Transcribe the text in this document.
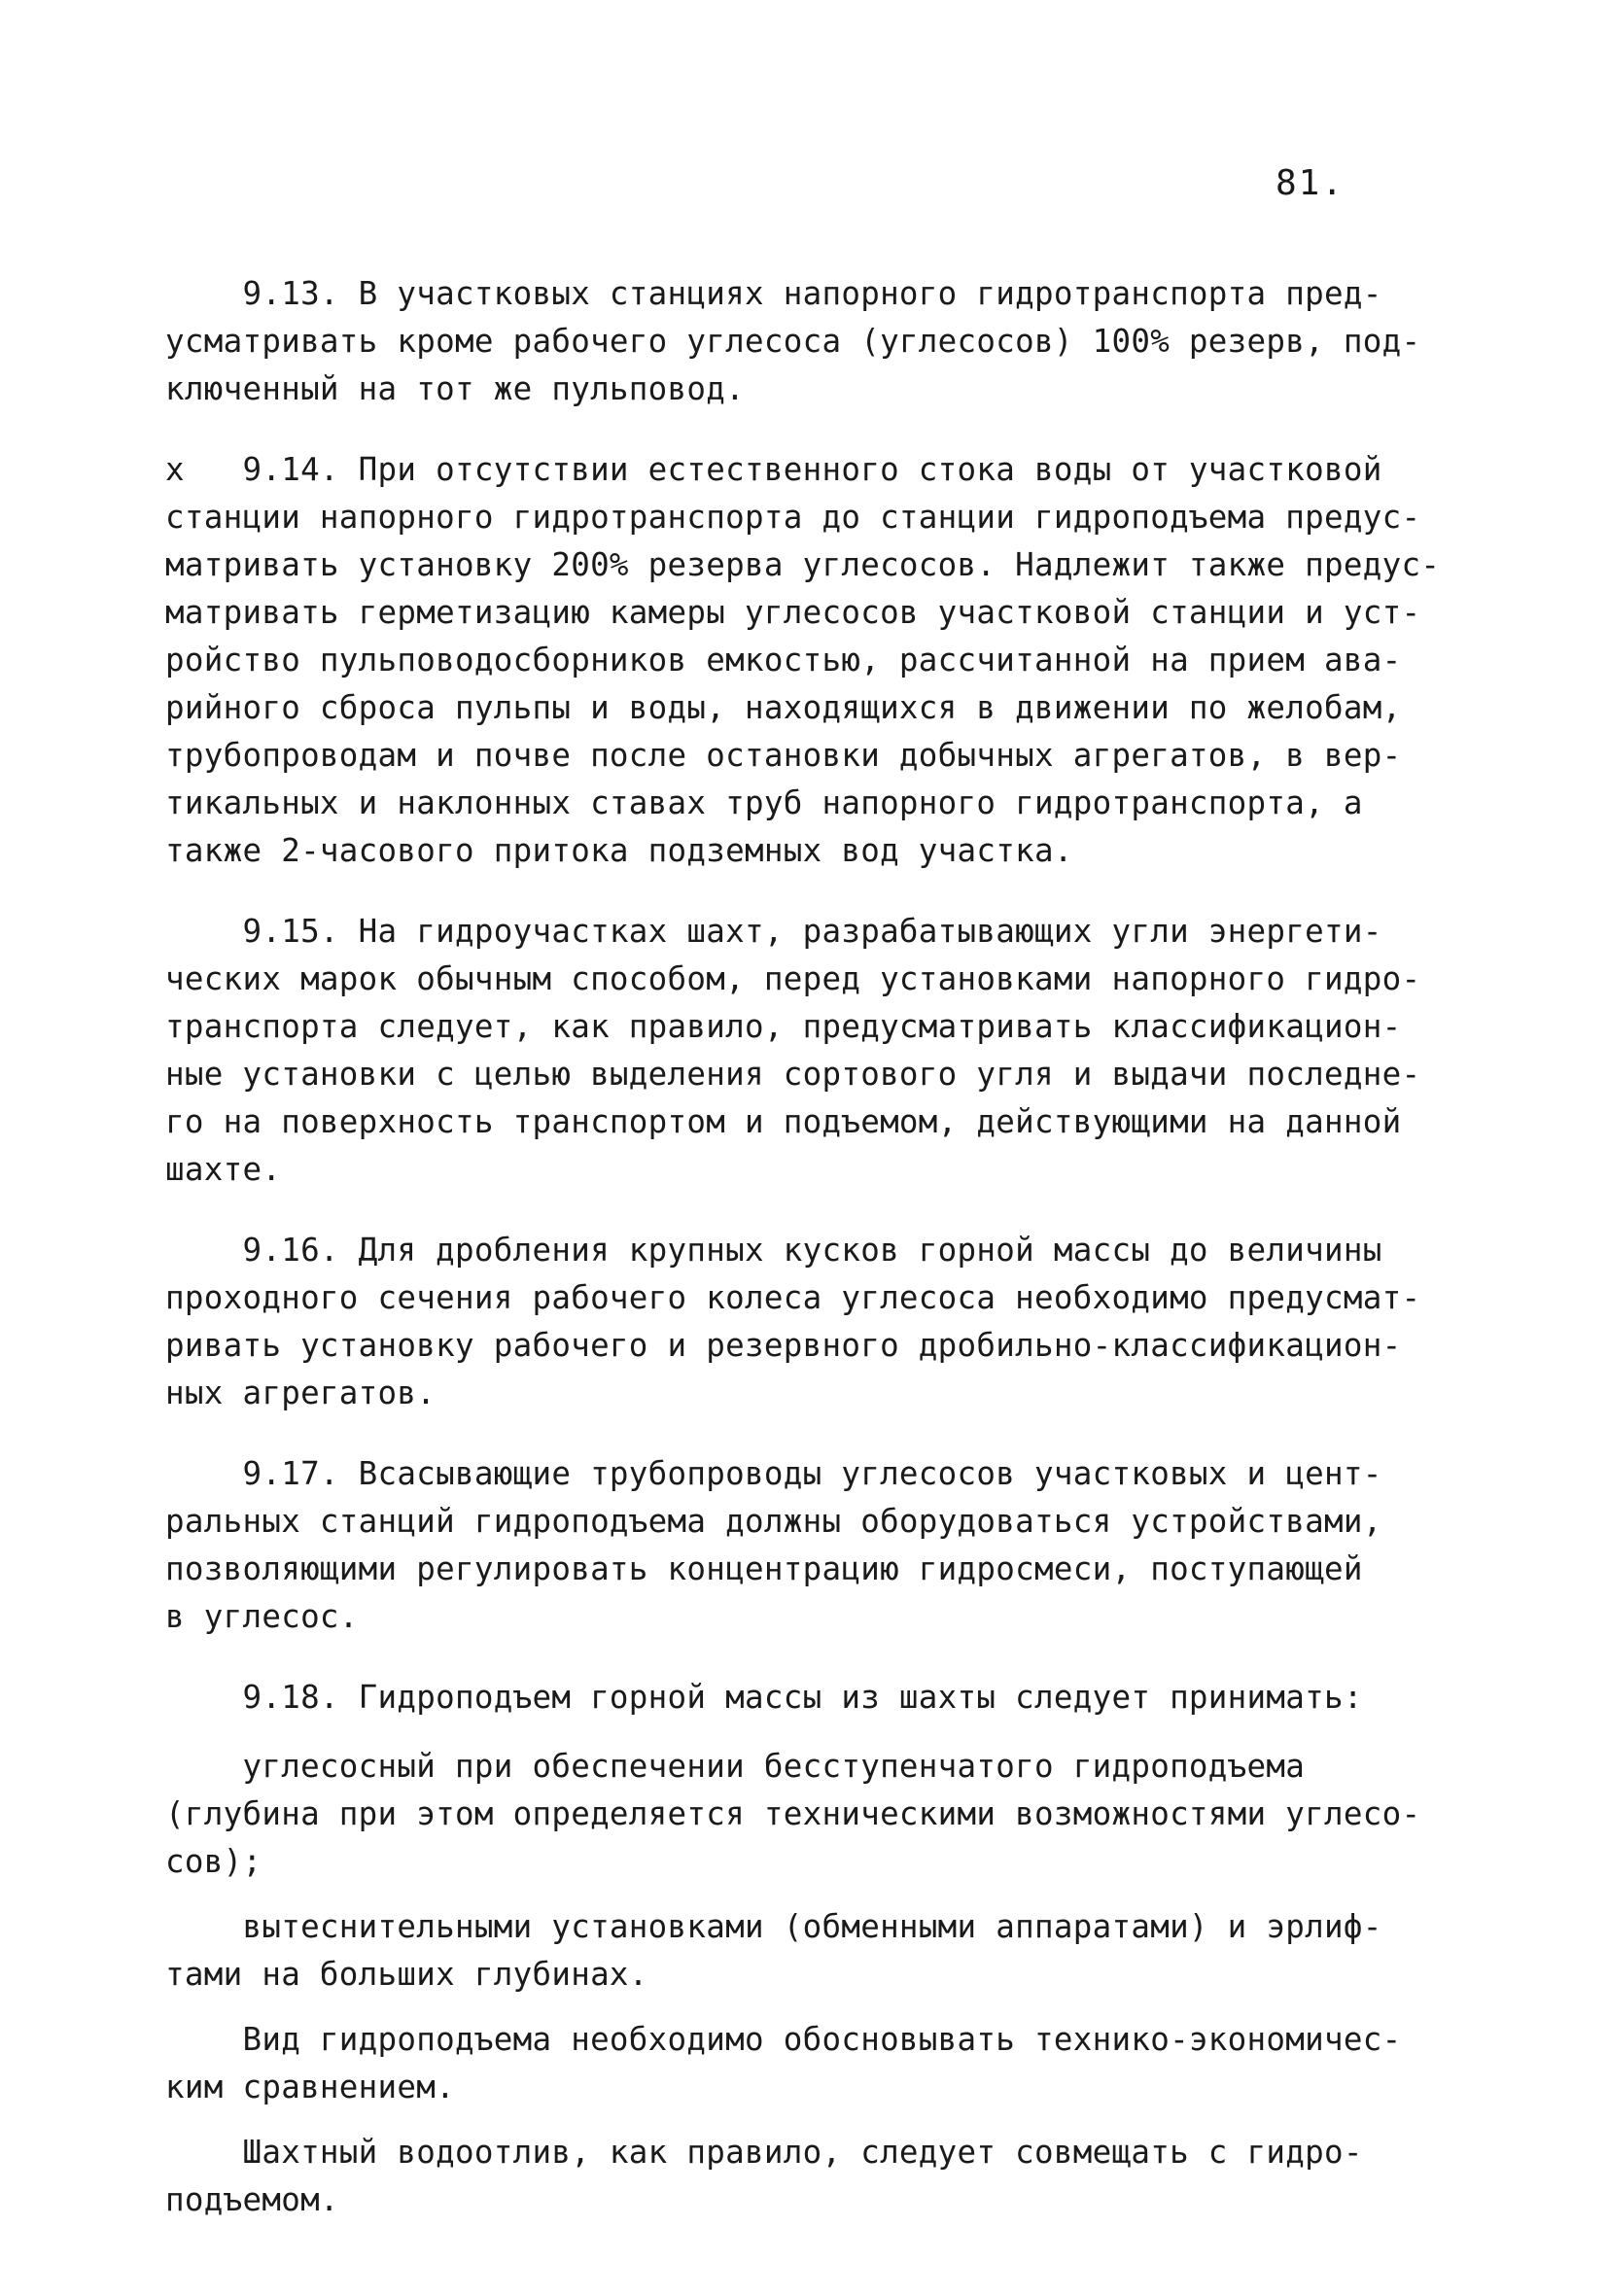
81.
9.13. В участковых станциях напорного гидротранспорта пред-
усматривать кроме рабочего углесоса (углесосов) 100% резерв, под-
ключенный на тот же пульповод.
x   9.14. При отсутствии естественного стока воды от участковой
станции напорного гидротранспорта до станции гидроподъема предус-
матривать установку 200% резерва углесосов. Надлежит также предус-
матривать герметизацию камеры углесосов участковой станции и уст-
ройство пульповодосборников емкостью, рассчитанной на прием ава-
рийного сброса пульпы и воды, находящихся в движении по желобам,
трубопроводам и почве после остановки добычных агрегатов, в вер-
тикальных и наклонных ставах труб напорного гидротранспорта, а
также 2-часового притока подземных вод участка.
9.15. На гидроучастках шахт, разрабатывающих угли энергети-
ческих марок обычным способом, перед установками напорного гидро-
транспорта следует, как правило, предусматривать классификацион-
ные установки с целью выделения сортового угля и выдачи последне-
го на поверхность транспортом и подъемом, действующими на данной
шахте.
9.16. Для дробления крупных кусков горной массы до величины
проходного сечения рабочего колеса углесоса необходимо предусмат-
ривать установку рабочего и резервного дробильно-классификацион-
ных агрегатов.
9.17. Всасывающие трубопроводы углесосов участковых и цент-
ральных станций гидроподъема должны оборудоваться устройствами,
позволяющими регулировать концентрацию гидросмеси, поступающей
в углесос.
9.18. Гидроподъем горной массы из шахты следует принимать:
углесосный при обеспечении бесступенчатого гидроподъема
(глубина при этом определяется техническими возможностями углесо-
сов);
вытеснительными установками (обменными аппаратами) и эрлиф-
тами на больших глубинах.
Вид гидроподъема необходимо обосновывать технико-экономичес-
ким сравнением.
Шахтный водоотлив, как правило, следует совмещать с гидро-
подъемом.
